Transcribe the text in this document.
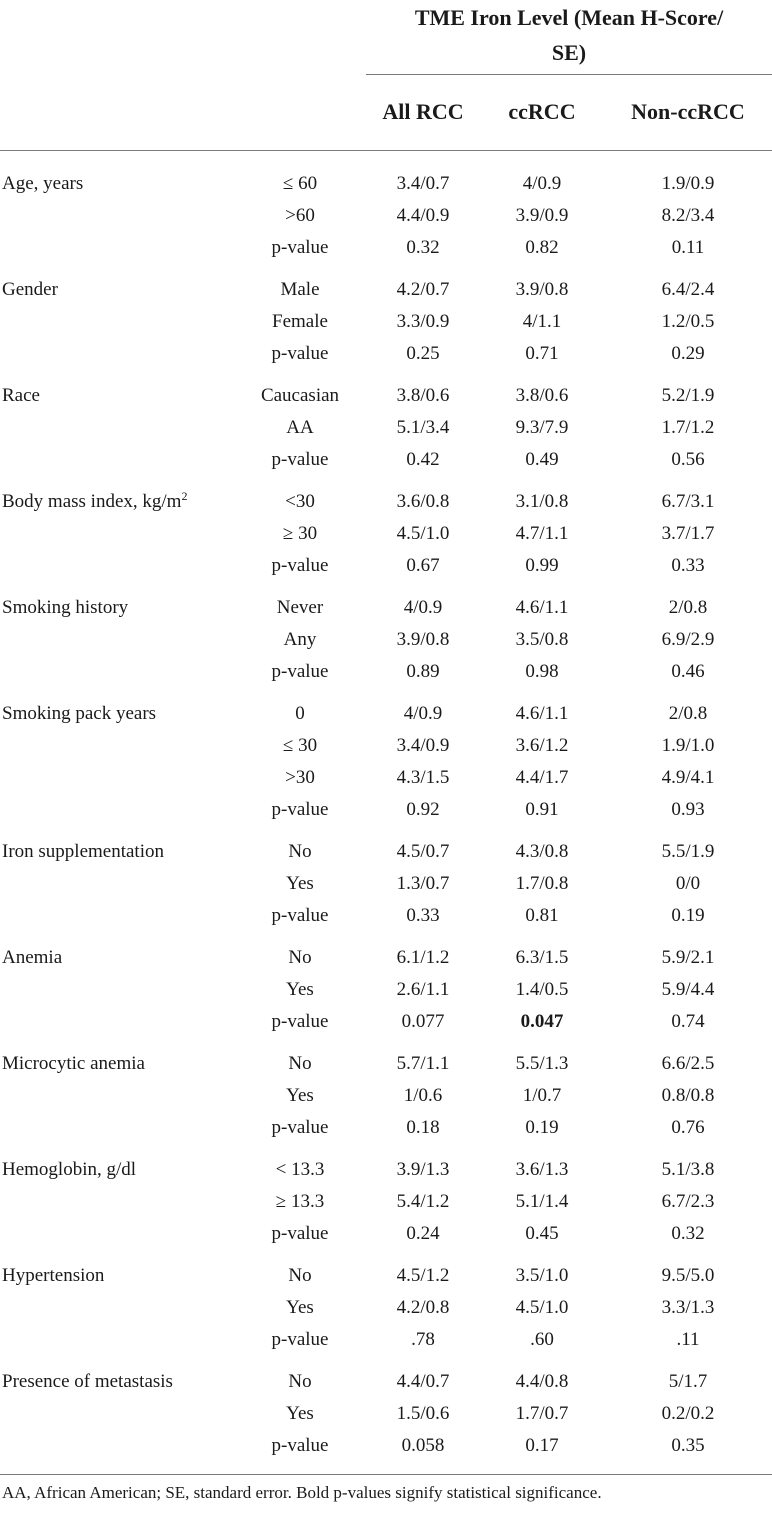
TME Iron Level (Mean H-Score/
SE)
All RCC	ccRCC	Non-ccRCC
Age, years	≤ 60	3.4/0.7	4/0.9	1.9/0.9
>60	4.4/0.9	3.9/0.9	8.2/3.4
p-value	0.32	0.82	0.11
Gender	Male	4.2/0.7	3.9/0.8	6.4/2.4
Female	3.3/0.9	4/1.1	1.2/0.5
p-value	0.25	0.71	0.29
Race	Caucasian	3.8/0.6	3.8/0.6	5.2/1.9
AA	5.1/3.4	9.3/7.9	1.7/1.2
p-value	0.42	0.49	0.56
Body mass index, $kg/m^2$	<30	3.6/0.8	3.1/0.8	6.7/3.1
≥ 30	4.5/1.0	4.7/1.1	3.7/1.7
p-value	0.67	0.99	0.33
Smoking history	Never	4/0.9	4.6/1.1	2/0.8
Any	3.9/0.8	3.5/0.8	6.9/2.9
p-value	0.89	0.98	0.46
Smoking pack years	0	4/0.9	4.6/1.1	2/0.8
≤ 30	3.4/0.9	3.6/1.2	1.9/1.0
>30	4.3/1.5	4.4/1.7	4.9/4.1
p-value	0.92	0.91	0.93
Iron supplementation	No	4.5/0.7	4.3/0.8	5.5/1.9
Yes	1.3/0.7	1.7/0.8	0/0
p-value	0.33	0.81	0.19
Anemia	No	6.1/1.2	6.3/1.5	5.9/2.1
Yes	2.6/1.1	1.4/0.5	5.9/4.4
p-value	0.077	0.047	0.74
Microcytic anemia	No	5.7/1.1	5.5/1.3	6.6/2.5
Yes	1/0.6	1/0.7	0.8/0.8
p-value	0.18	0.19	0.76
Hemoglobin, g/dl	< 13.3	3.9/1.3	3.6/1.3	5.1/3.8
≥ 13.3	5.4/1.2	5.1/1.4	6.7/2.3
p-value	0.24	0.45	0.32
Hypertension	No	4.5/1.2	3.5/1.0	9.5/5.0
Yes	4.2/0.8	4.5/1.0	3.3/1.3
p-value	.78	.60	.11
Presence of metastasis	No	4.4/0.7	4.4/0.8	5/1.7
Yes	1.5/0.6	1.7/0.7	0.2/0.2
p-value	0.058	0.17	0.35
AA, African American; SE, standard error. Bold p-values signify statistical significance.
